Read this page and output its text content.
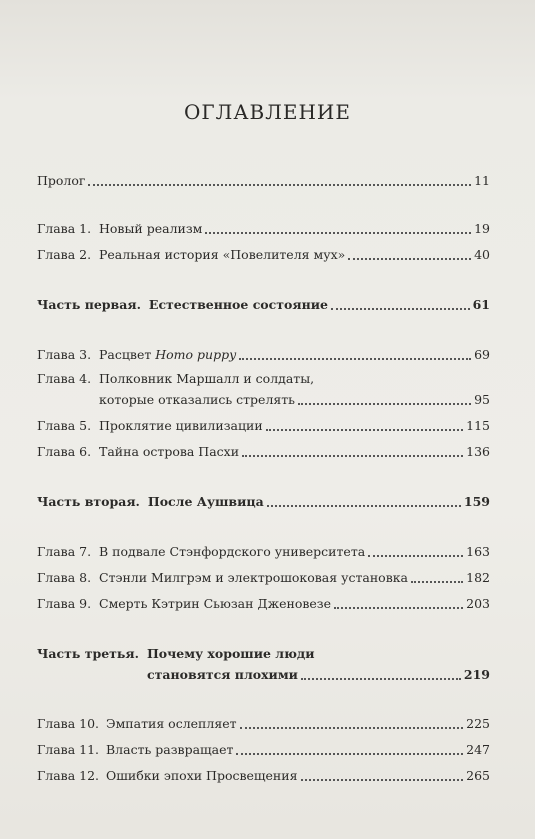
ОГЛАВЛЕНИЕ
Пролог	11
Глава 1. Новый реализм	19
Глава 2. Реальная история «Повелителя мух»	40
Часть первая. Естественное состояние	61
Глава 3. Расцвет Homo puppy	69
Глава 4. Полковник Маршалл и солдаты,
которые отказались стрелять	95
Глава 5. Проклятие цивилизации	115
Глава 6. Тайна острова Пасхи	136
Часть вторая. После Аушвица	159
Глава 7. В подвале Стэнфордского университета	163
Глава 8. Стэнли Милгрэм и электрошоковая установка	182
Глава 9. Смерть Кэтрин Сьюзан Дженовезе	203
Часть третья. Почему хорошие люди
становятся плохими	219
Глава 10. Эмпатия ослепляет	225
Глава 11. Власть развращает	247
Глава 12. Ошибки эпохи Просвещения	265
